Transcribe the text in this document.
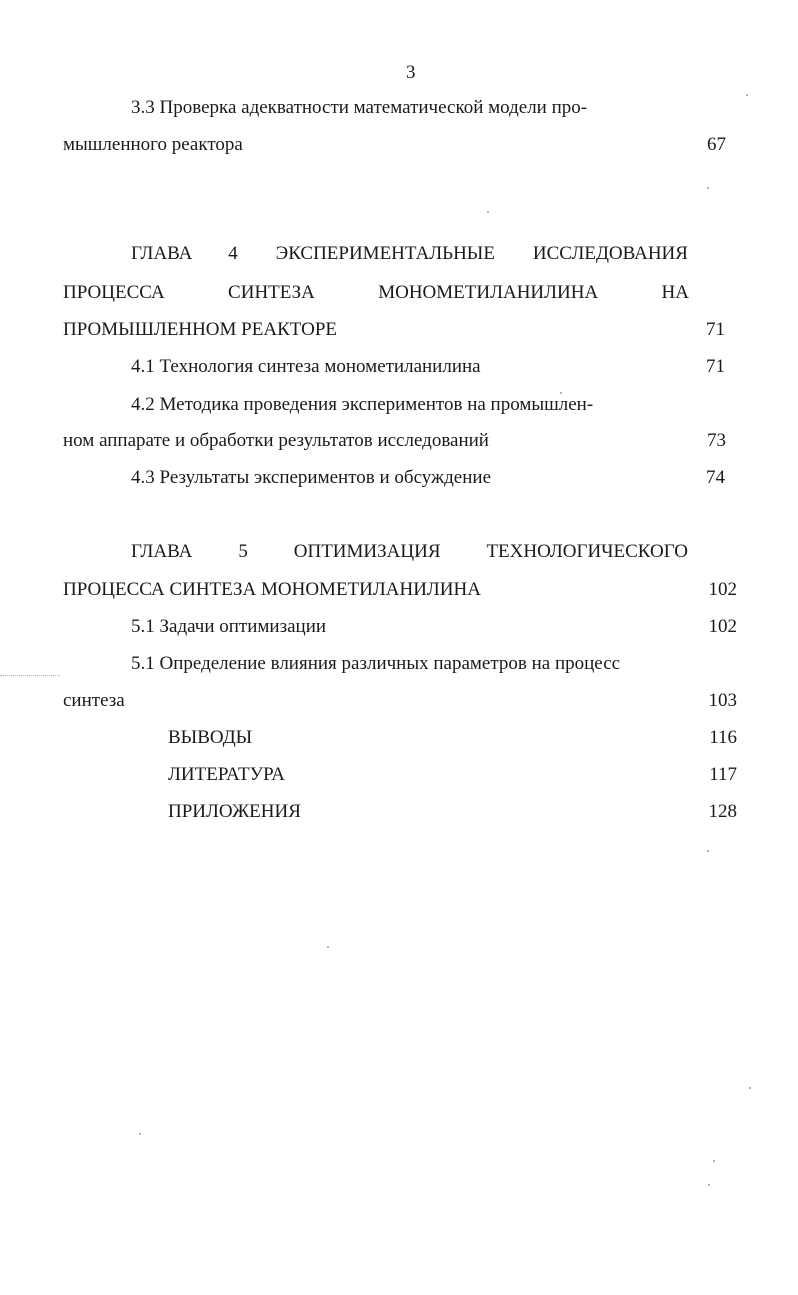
3
3.3 Проверка адекватности математической модели про-
мышленного реактора	67
ГЛАВА 4 ЭКСПЕРИМЕНТАЛЬНЫЕ ИССЛЕДОВАНИЯ
ПРОЦЕССА	СИНТЕЗА	МОНОМЕТИЛАНИЛИНА	НА
ПРОМЫШЛЕННОМ РЕАКТОРЕ	71
4.1 Технология синтеза монометиланилина	71
4.2 Методика проведения экспериментов на промышлен-
ном аппарате и обработки результатов исследований	73
4.3 Результаты экспериментов и обсуждение	74
ГЛАВА 5 ОПТИМИЗАЦИЯ ТЕХНОЛОГИЧЕСКОГО
ПРОЦЕССА СИНТЕЗА МОНОМЕТИЛАНИЛИНА	102
5.1 Задачи оптимизации	102
5.1 Определение влияния различных параметров на процесс
синтеза	103
ВЫВОДЫ	116
ЛИТЕРАТУРА	117
ПРИЛОЖЕНИЯ	128
